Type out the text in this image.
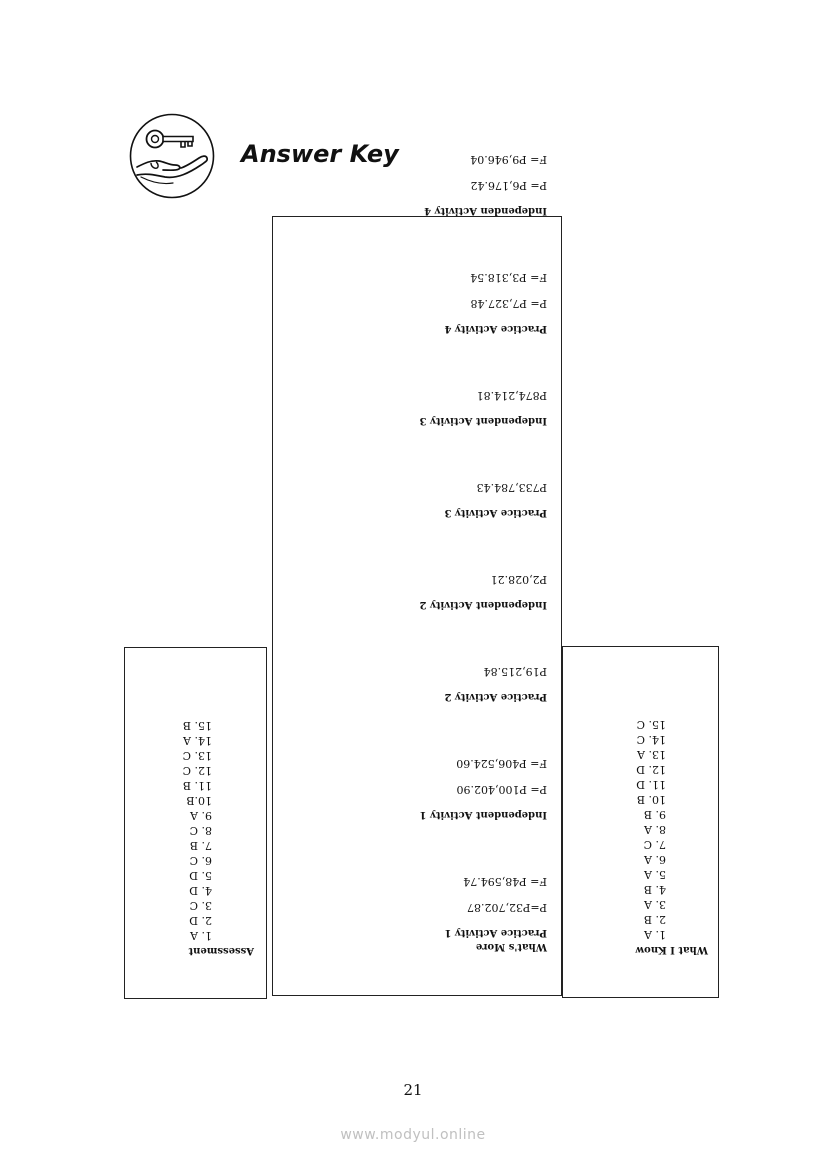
Answer Key
Assessment
1. A
2. D
3. C
4. D
5. D
6. C
7. B
8. C
9. A
10.B
11. B
12. C
13. C
14. A
15. B
What's More
Practice Activity 1
P=P32,702.87
F= P48,594.74
Independent Activity 1
P= P100,402.90
F= P406,524.60
Practice Activity 2
P19,215.84
Independent Activity 2
P2,028.21
Practice Activity 3
P733,784.43
Independent Activity 3
P874,214.81
Practice Activity 4
P= P7,327.48
F= P3,318.54
Independen Activity 4
P= P6,176.42
F= P9,946.04
What I Know
1. A
2. B
3. A
4. B
5. A
6. A
7. C
8. A
9. B
10. B
11. D
12. D
13. A
14. C
15. C
21
www.modyul.online
